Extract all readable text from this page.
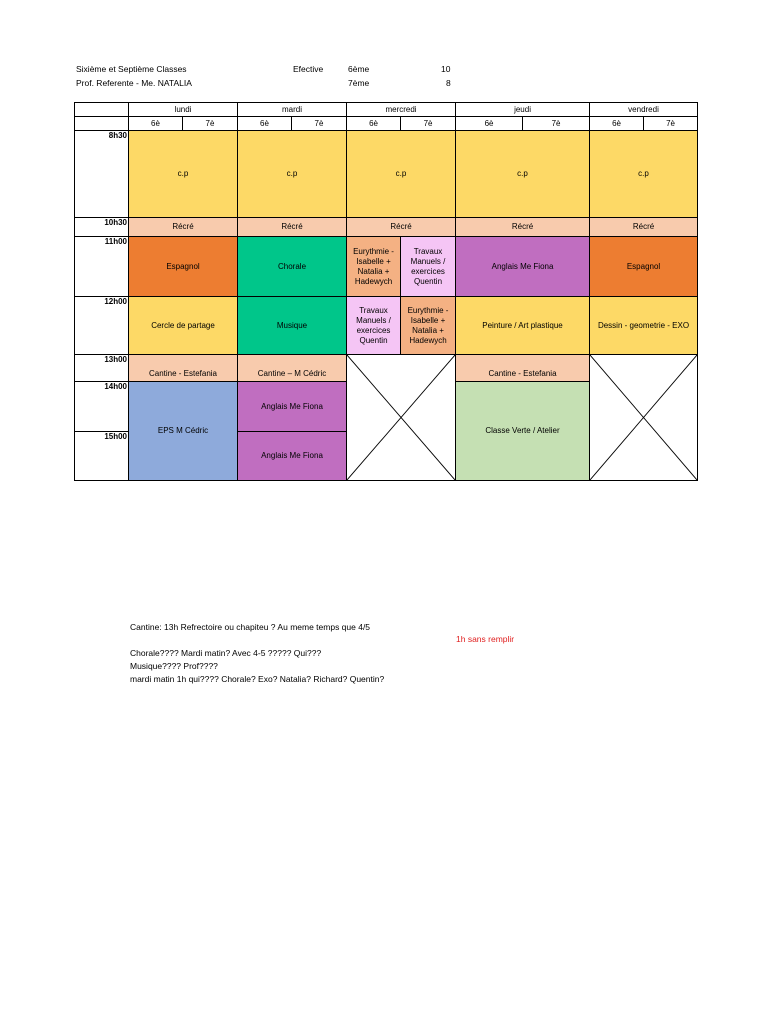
Sixième et Septième Classes
Prof. Referente - Me. NATALIA
Efective	6ème	10
7ème	8
	lundi		mardi		mercredi		jeudi		vendredi	
	6è	7è	6è	7è	6è	7è	6è	7è	6è	7è
8h30	c.p		c.p		c.p		c.p		c.p	
10h30	Récré		Récré		Récré		Récré		Récré	
11h00	Espagnol		Chorale		Eurythmie - Isabelle + Natalia + Hadewych	Travaux Manuels / exercices Quentin	Anglais Me Fiona		Espagnol	
12h00	Cercle de partage		Musique		Travaux Manuels / exercices Quentin	Eurythmie - Isabelle + Natalia + Hadewych	Peinture / Art plastique		Dessin - geometrie - EXO	
13h00	Cantine - Estefania		Cantine – M Cédric				Cantine - Estefania	

14h00	EPS M Cédric		Anglais Me Fiona				Classe Verte / Atelier			
15h00			Anglais Me Fiona							
Cantine: 13h Refrectoire ou chapiteu ? Au meme temps que 4/5
Chorale???? Mardi matin? Avec 4-5 ????? Qui???
Musique???? Prof????
mardi matin 1h qui???? Chorale? Exo? Natalia? Richard? Quentin?
1h sans remplir
